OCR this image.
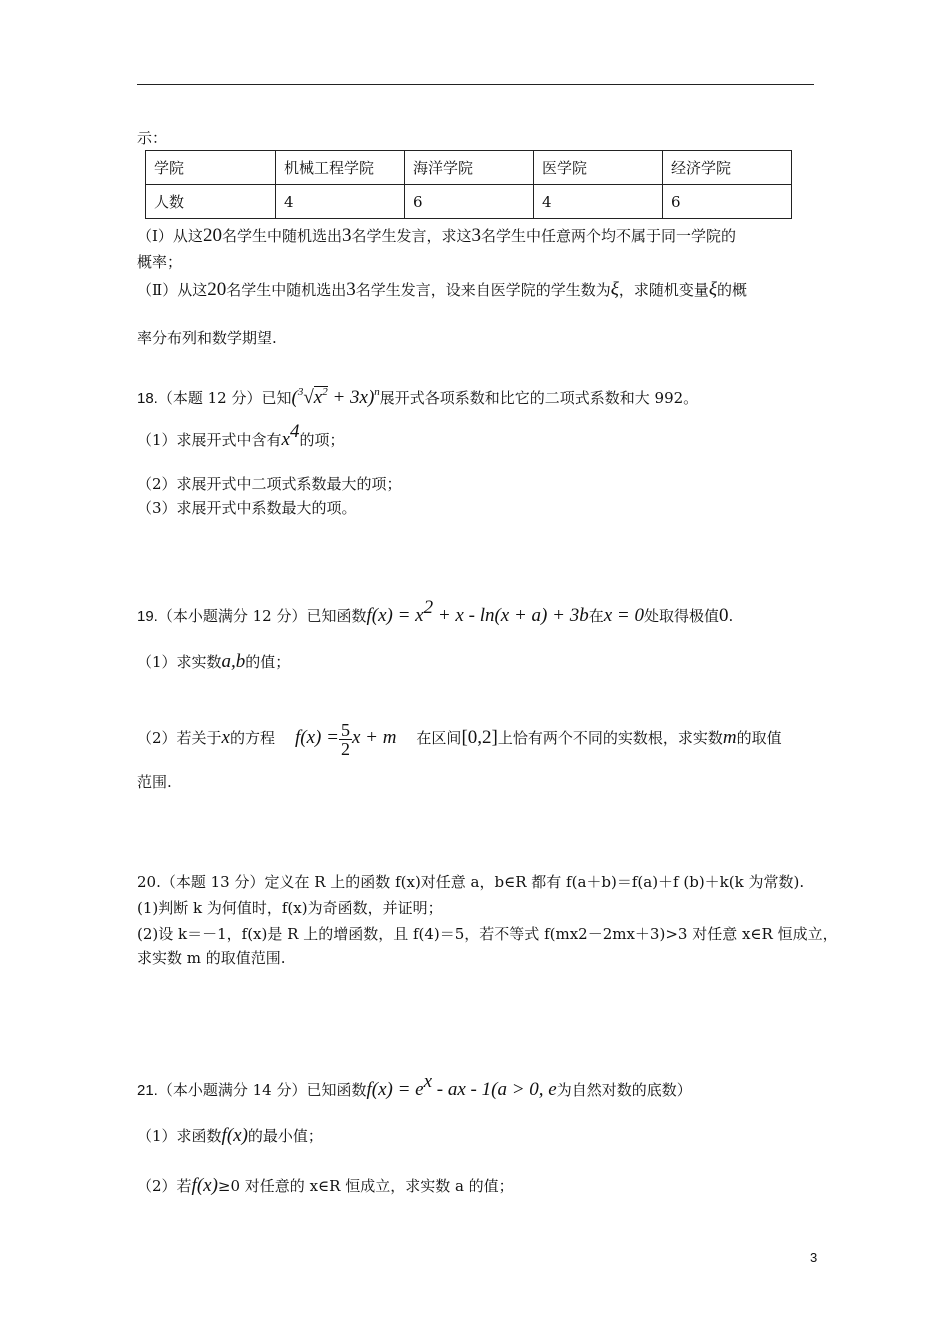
示：
学院	机械工程学院	海洋学院	医学院	经济学院
人数	4	6	4	6
（Ⅰ）从这20名学生中随机选出3名学生发言，求这3名学生中任意两个均不属于同一学院的
概率；
（Ⅱ）从这20名学生中随机选出3名学生发言，设来自医学院的学生数为ξ，求随机变量ξ的概
率分布列和数学期望.
18.（本题 12 分）已知$(^3√x^2 + 3x)^n$展开式各项系数和比它的二项式系数和大 992。
（1）求展开式中含有$x^4$的项；
（2）求展开式中二项式系数最大的项；
（3）求展开式中系数最大的项。
19.（本小题满分 12 分）已知函数$f(x) = x^2 + x - \ln(x + a) + 3b$在x = 0处取得极值0.
（1）求实数a,b的值；
（2）若关于x的方程 $f(x) = \frac{5}{2}$ x + m 在区间[0,2]上恰有两个不同的实数根，求实数m的取值
范围.
20.（本题 13 分）定义在 R 上的函数 f(x)对任意 a，b∈R 都有 f(a＋b)＝f(a)＋f (b)＋k(k 为常数).
(1)判断 k 为何值时，f(x)为奇函数，并证明；
(2)设 k＝－1，f(x)是 R 上的增函数，且 f(4)＝5，若不等式 f(mx2－2mx＋3)>3 对任意 x∈R 恒成立，
求实数 m 的取值范围.
21.（本小题满分 14 分）已知函数$f(x) = e^x$ - ax - 1(a > 0, e为自然对数的底数）
（1）求函数f(x)的最小值；
（2）若f(x)≥0 对任意的 x∈R 恒成立，求实数 a 的值；
3
